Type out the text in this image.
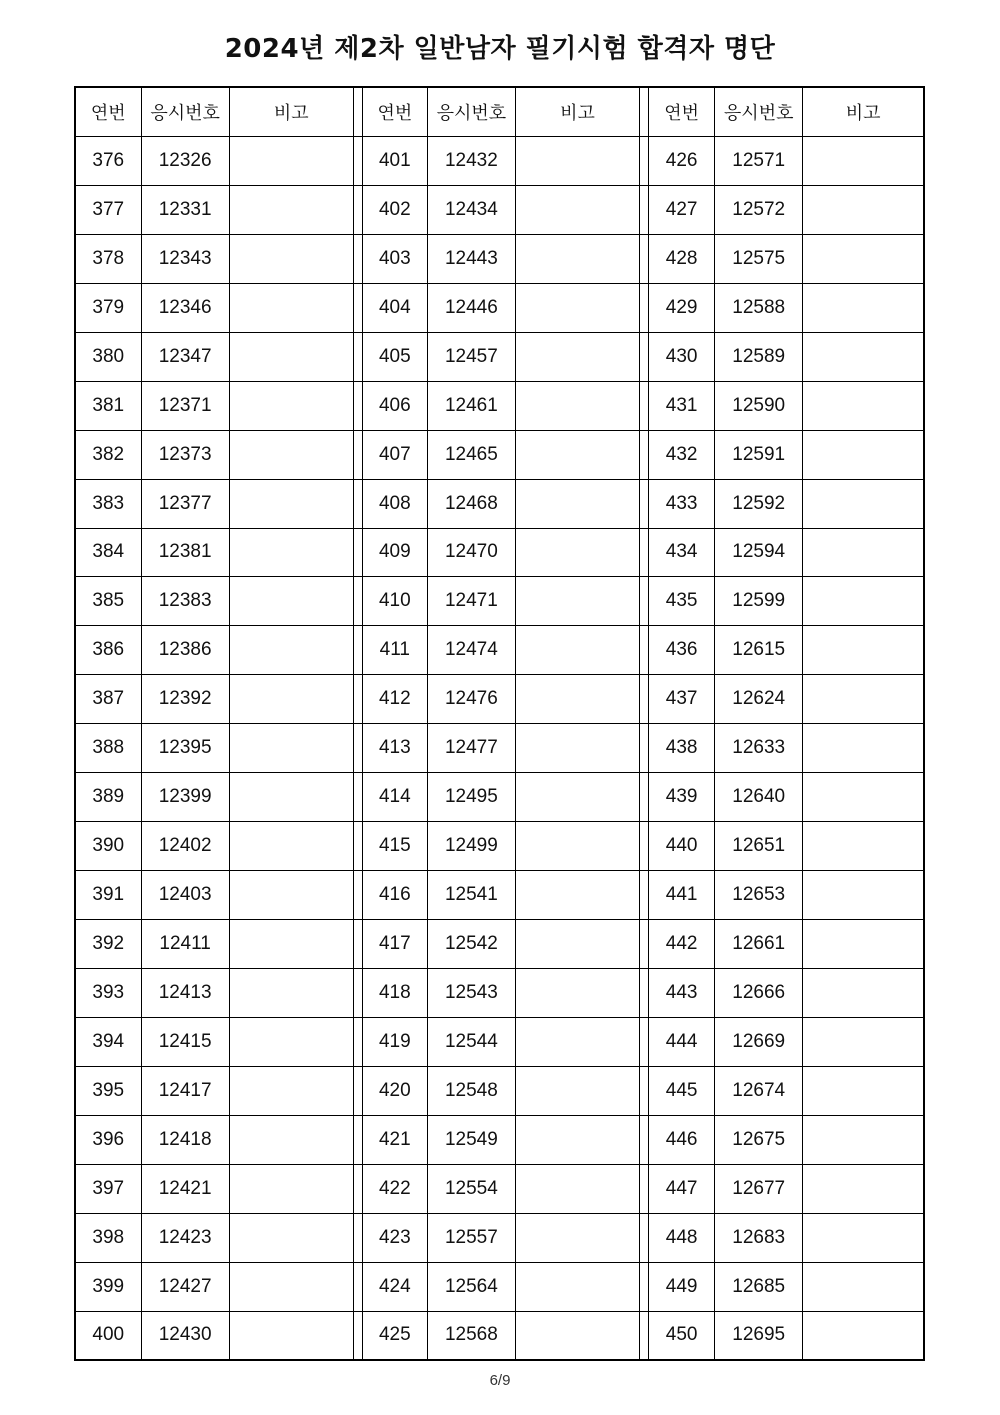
2024년 제2차 일반남자 필기시험 합격자 명단
연번	응시번호	비고		연번	응시번호	비고		연번	응시번호	비고
376	12326			401	12432			426	12571	
377	12331			402	12434			427	12572	
378	12343			403	12443			428	12575	
379	12346			404	12446			429	12588	
380	12347			405	12457			430	12589	
381	12371			406	12461			431	12590	
382	12373			407	12465			432	12591	
383	12377			408	12468			433	12592	
384	12381			409	12470			434	12594	
385	12383			410	12471			435	12599	
386	12386			411	12474			436	12615	
387	12392			412	12476			437	12624	
388	12395			413	12477			438	12633	
389	12399			414	12495			439	12640	
390	12402			415	12499			440	12651	
391	12403			416	12541			441	12653	
392	12411			417	12542			442	12661	
393	12413			418	12543			443	12666	
394	12415			419	12544			444	12669	
395	12417			420	12548			445	12674	
396	12418			421	12549			446	12675	
397	12421			422	12554			447	12677	
398	12423			423	12557			448	12683	
399	12427			424	12564			449	12685	
400	12430			425	12568			450	12695	
6/9
